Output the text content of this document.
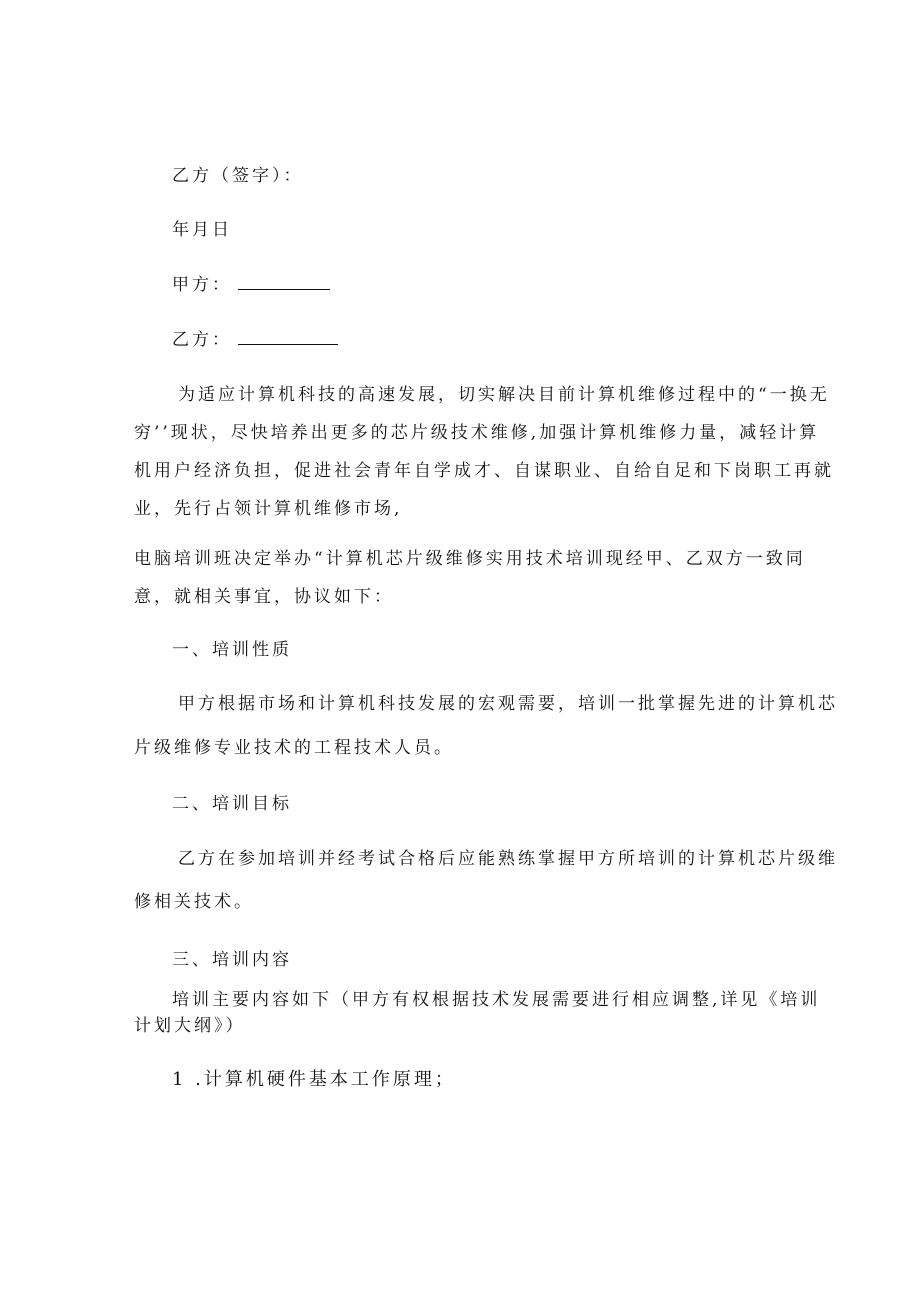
乙方（签字）：

年月日

甲方：
乙方：

为适应计算机科技的高速发展，切实解决目前计算机维修过程中的“一换无

穷’’现状，尽快培养出更多的芯片级技术维修,加强计算机维修力量，减轻计算

机用户经济负担，促进社会青年自学成才、自谋职业、自给自足和下岗职工再就

业，先行占领计算机维修市场,

电脑培训班决定举办“计算机芯片级维修实用技术培训现经甲、乙双方一致同

意，就相关事宜，协议如下：

一、培训性质

甲方根据市场和计算机科技发展的宏观需要，培训一批掌握先进的计算机芯

片级维修专业技术的工程技术人员。

二、培训目标

乙方在参加培训并经考试合格后应能熟练掌握甲方所培训的计算机芯片级维

修相关技术。

三、培训内容

培训主要内容如下（甲方有权根据技术发展需要进行相应调整,详见《培训

计划大纲》）

1 .计算机硬件基本工作原理；
